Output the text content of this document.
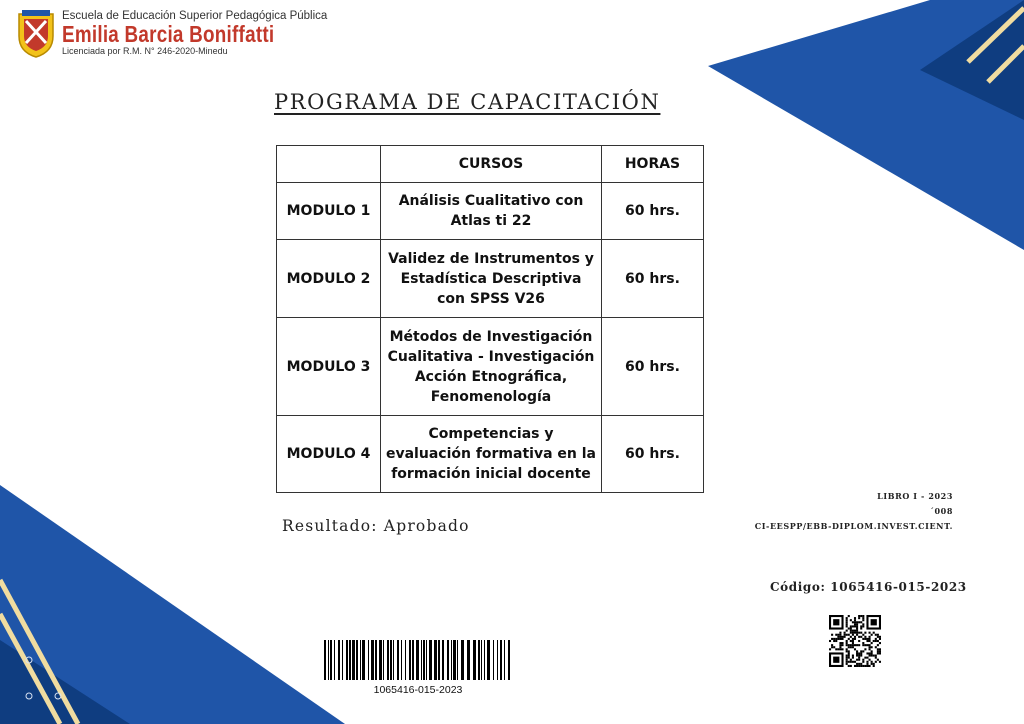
Escuela de Educación Superior Pedagógica Pública
Emilia Barcia Boniffatti
Licenciada por R.M. N° 246-2020-Minedu
PROGRAMA DE CAPACITACIÓN
	CURSOS	HORAS
MODULO 1	Análisis Cualitativo con Atlas ti 22	60 hrs.
MODULO 2	Validez de Instrumentos y Estadística Descriptiva con SPSS V26	60 hrs.
MODULO 3	Métodos de Investigación Cualitativa - Investigación Acción Etnográfica, Fenomenología	60 hrs.
MODULO 4	Competencias y evaluación formativa en la formación inicial docente	60 hrs.
Resultado: Aprobado
LIBRO I - 2023
´008
CI-EESPP/EBB-DIPLOM.INVEST.CIENT.
Código: 1065416-015-2023
1065416-015-2023
